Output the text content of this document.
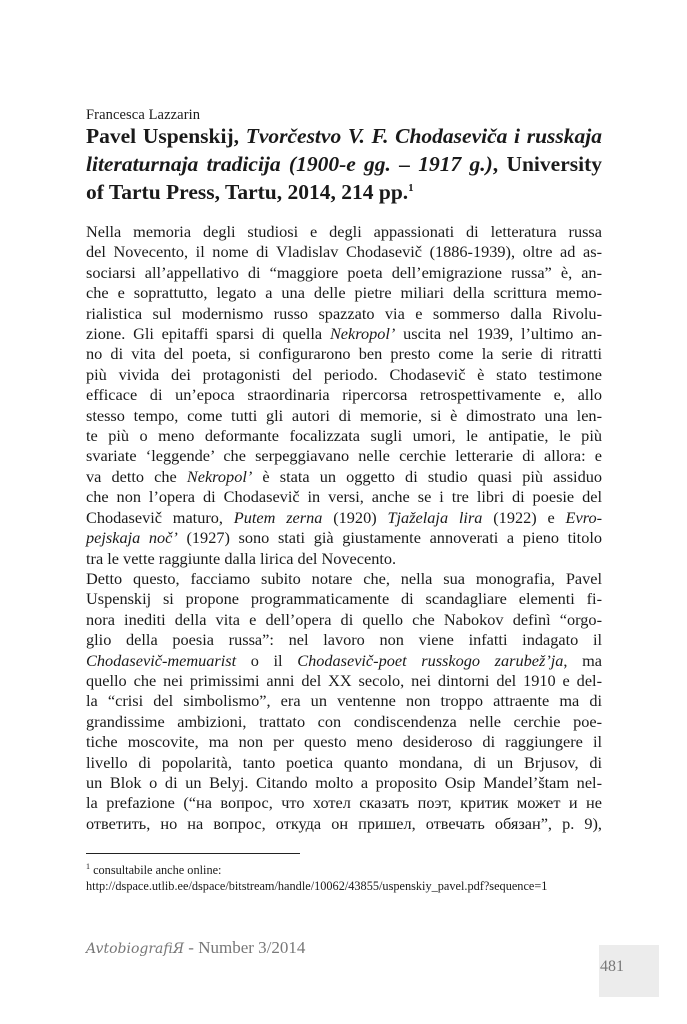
Francesca Lazzarin
Pavel Uspenskij, Tvorčestvo V. F. Chodaseviča i russkaja literaturnaja tradicija (1900-e gg. – 1917 g.), University of Tartu Press, Tartu, 2014, 214 pp.$^1$
Nella memoria degli studiosi e degli appassionati di letteratura russa
del Novecento, il nome di Vladislav Chodasevič (1886-1939), oltre ad as-
sociarsi all’appellativo di “maggiore poeta dell’emigrazione russa” è, an-
che e soprattutto, legato a una delle pietre miliari della scrittura memo-
rialistica sul modernismo russo spazzato via e sommerso dalla Rivolu-
zione. Gli epitaffi sparsi di quella Nekropol’ uscita nel 1939, l’ultimo an-
no di vita del poeta, si configurarono ben presto come la serie di ritratti
più vivida dei protagonisti del periodo. Chodasevič è stato testimone
efficace di un’epoca straordinaria ripercorsa retrospettivamente e, allo
stesso tempo, come tutti gli autori di memorie, si è dimostrato una len-
te più o meno deformante focalizzata sugli umori, le antipatie, le più
svariate ‘leggende’ che serpeggiavano nelle cerchie letterarie di allora: e
va detto che Nekropol’ è stata un oggetto di studio quasi più assiduo
che non l’opera di Chodasevič in versi, anche se i tre libri di poesie del
Chodasevič maturo, Putem zerna (1920) Tjaželaja lira (1922) e Evro-
pejskaja noč’ (1927) sono stati già giustamente annoverati a pieno titolo
tra le vette raggiunte dalla lirica del Novecento.
Detto questo, facciamo subito notare che, nella sua monografia, Pavel
Uspenskij si propone programmaticamente di scandagliare elementi fi-
nora inediti della vita e dell’opera di quello che Nabokov definì “orgo-
glio della poesia russa”: nel lavoro non viene infatti indagato il
Chodasevič-memuarist o il Chodasevič-poet russkogo zarubež’ja, ma
quello che nei primissimi anni del XX secolo, nei dintorni del 1910 e del-
la “crisi del simbolismo”, era un ventenne non troppo attraente ma di
grandissime ambizioni, trattato con condiscendenza nelle cerchie poe-
tiche moscovite, ma non per questo meno desideroso di raggiungere il
livello di popolarità, tanto poetica quanto mondana, di un Brjusov, di
un Blok o di un Belyj. Citando molto a proposito Osip Mandel’štam nel-
la prefazione (“на вопрос, что хотел сказать поэт, критик может и не
ответить, но на вопрос, откуда он пришел, отвечать обязан”, p. 9),
$^1$ consultabile anche online:
http://dspace.utlib.ee/dspace/bitstream/handle/10062/43855/uspenskiy_pavel.pdf?sequence=1
AvtobiografiЯ - Number 3/2014
481
